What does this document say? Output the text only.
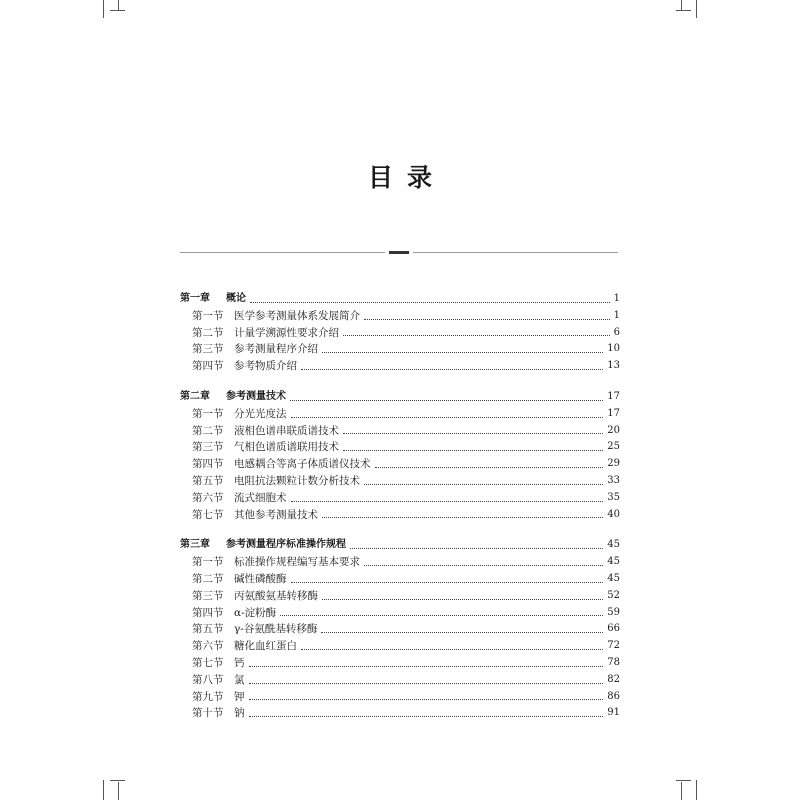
目录
第一章	概论	1
第一节	医学参考测量体系发展简介	1
第二节	计量学溯源性要求介绍	6
第三节	参考测量程序介绍	10
第四节	参考物质介绍	13
第二章	参考测量技术	17
第一节	分光光度法	17
第二节	液相色谱串联质谱技术	20
第三节	气相色谱质谱联用技术	25
第四节	电感耦合等离子体质谱仪技术	29
第五节	电阻抗法颗粒计数分析技术	33
第六节	流式细胞术	35
第七节	其他参考测量技术	40
第三章	参考测量程序标准操作规程	45
第一节	标准操作规程编写基本要求	45
第二节	碱性磷酸酶	45
第三节	丙氨酸氨基转移酶	52
第四节	α-淀粉酶	59
第五节	γ-谷氨酰基转移酶	66
第六节	糖化血红蛋白	72
第七节	钙	78
第八节	氯	82
第九节	钾	86
第十节	钠	91
